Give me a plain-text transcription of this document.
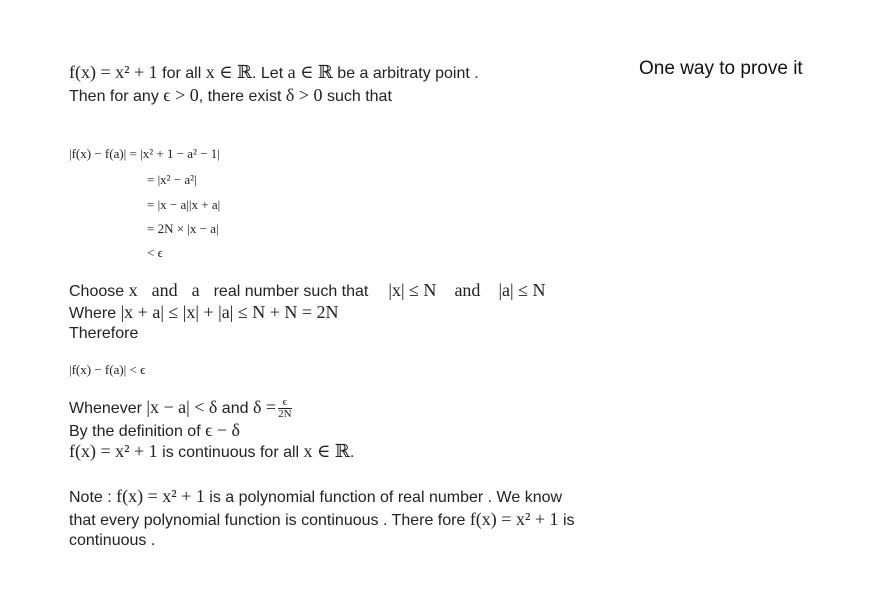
One way to prove it
f(x) = x² + 1 for all x ∈ ℝ. Let a ∈ ℝ be a arbitraty point .
Then for any ϵ > 0, there exist δ > 0 such that
|f(x) − f(a)| = |x² + 1 − a² − 1|
= |x² − a²|
= |x − a||x + a|
= 2N × |x − a|
< ϵ
Choose x and a real number such that |x| ≤ N and |a| ≤ N
Where |x + a| ≤ |x| + |a| ≤ N + N = 2N
Therefore
|f(x) − f(a)| < ϵ
Whenever |x − a| < δ and $\delta = \frac{\epsilon}{2N}$
By the definition of ϵ − δ
f(x) = x² + 1 is continuous for all x ∈ ℝ.
Note : f(x) = x² + 1 is a polynomial function of real number . We know
that every polynomial function is continuous . There fore f(x) = x² + 1 is
continuous .
